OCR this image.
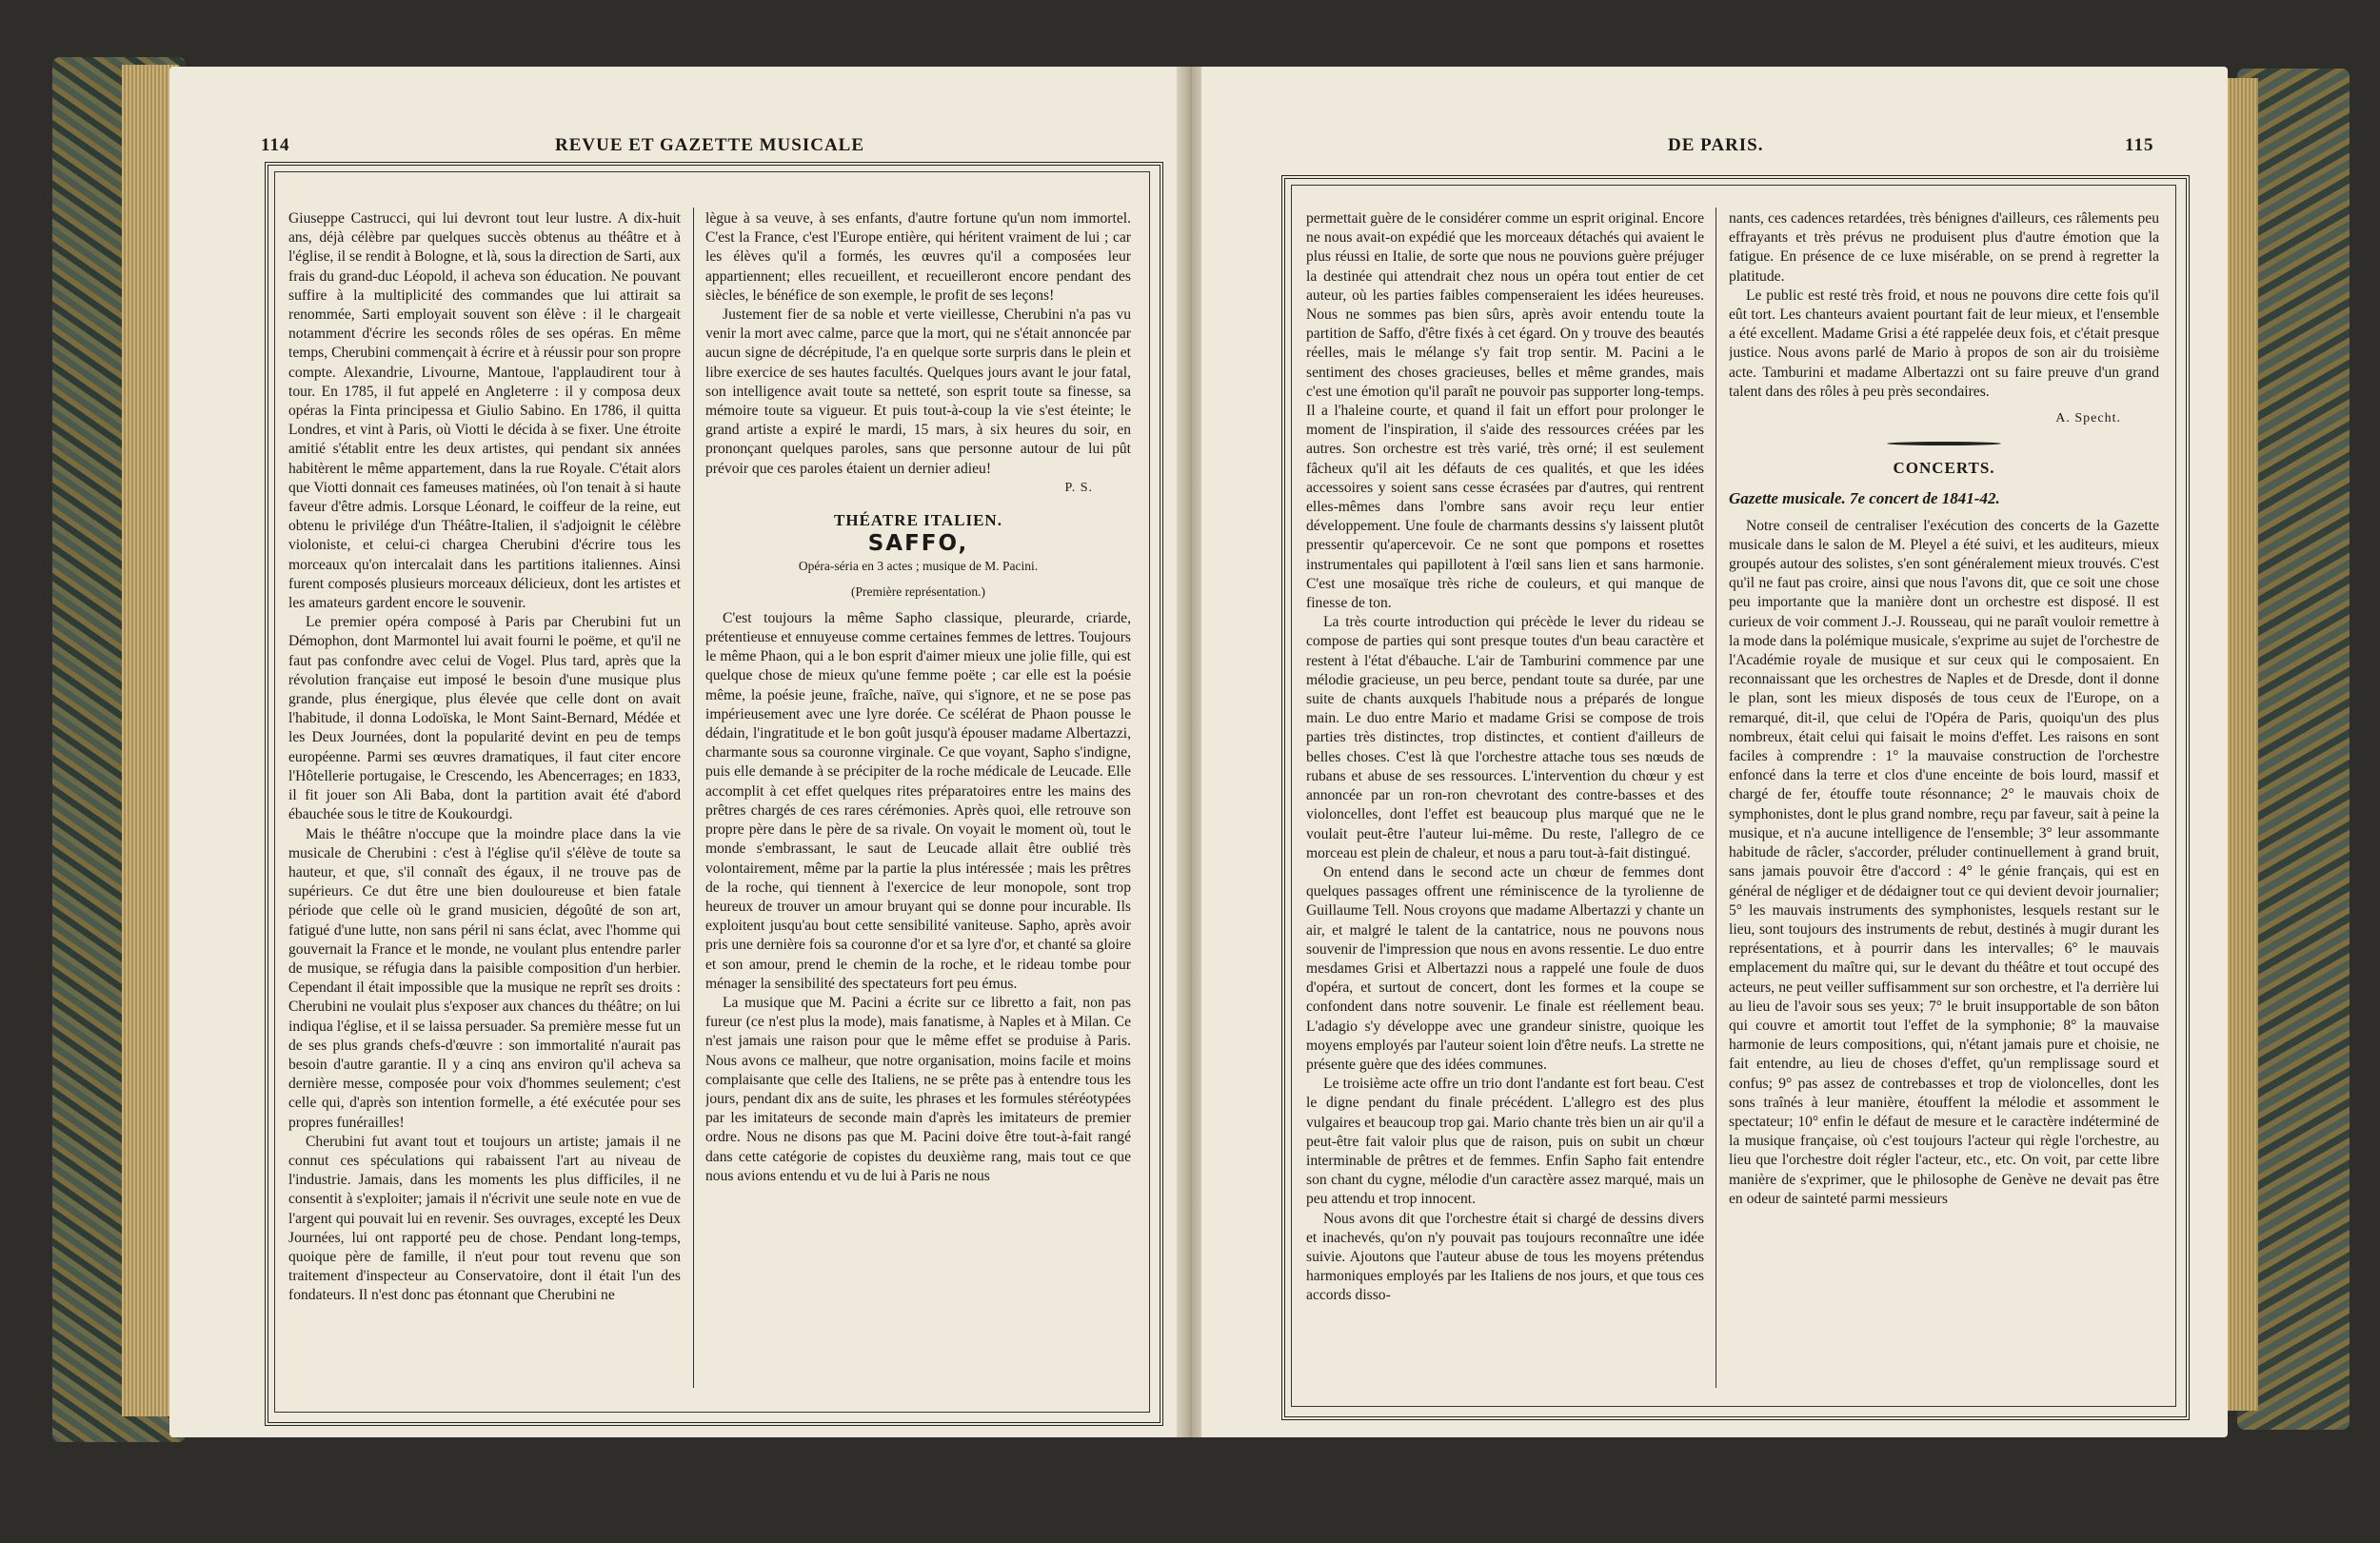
114	REVUE ET GAZETTE MUSICALE

Giuseppe Castrucci, qui lui devront tout leur lustre. A dix-huit ans, déjà célèbre par quelques succès obtenus au théâtre et à l'église, il se rendit à Bologne, et là, sous la direction de Sarti, aux frais du grand-duc Léopold, il acheva son éducation. Ne pouvant suffire à la multiplicité des commandes que lui attirait sa renommée, Sarti employait souvent son élève : il le chargeait notamment d'écrire les seconds rôles de ses opéras. En même temps, Cherubini commençait à écrire et à réussir pour son propre compte. Alexandrie, Livourne, Mantoue, l'applaudirent tour à tour. En 1785, il fut appelé en Angleterre : il y composa deux opéras la Finta principessa et Giulio Sabino. En 1786, il quitta Londres, et vint à Paris, où Viotti le décida à se fixer. Une étroite amitié s'établit entre les deux artistes, qui pendant six années habitèrent le même appartement, dans la rue Royale. C'était alors que Viotti donnait ces fameuses matinées, où l'on tenait à si haute faveur d'être admis. Lorsque Léonard, le coiffeur de la reine, eut obtenu le privilége d'un Théâtre-Italien, il s'adjoignit le célèbre violoniste, et celui-ci chargea Cherubini d'écrire tous les morceaux qu'on intercalait dans les partitions italiennes. Ainsi furent composés plusieurs morceaux délicieux, dont les artistes et les amateurs gardent encore le souvenir.

Le premier opéra composé à Paris par Cherubini fut un Démophon, dont Marmontel lui avait fourni le poëme, et qu'il ne faut pas confondre avec celui de Vogel. Plus tard, après que la révolution française eut imposé le besoin d'une musique plus grande, plus énergique, plus élevée que celle dont on avait l'habitude, il donna Lodoïska, le Mont Saint-Bernard, Médée et les Deux Journées, dont la popularité devint en peu de temps européenne. Parmi ses œuvres dramatiques, il faut citer encore l'Hôtellerie portugaise, le Crescendo, les Abencerrages; en 1833, il fit jouer son Ali Baba, dont la partition avait été d'abord ébauchée sous le titre de Koukourdgi.

Mais le théâtre n'occupe que la moindre place dans la vie musicale de Cherubini : c'est à l'église qu'il s'élève de toute sa hauteur, et que, s'il connaît des égaux, il ne trouve pas de supérieurs. Ce dut être une bien douloureuse et bien fatale période que celle où le grand musicien, dégoûté de son art, fatigué d'une lutte, non sans péril ni sans éclat, avec l'homme qui gouvernait la France et le monde, ne voulant plus entendre parler de musique, se réfugia dans la paisible composition d'un herbier. Cependant il était impossible que la musique ne reprît ses droits : Cherubini ne voulait plus s'exposer aux chances du théâtre; on lui indiqua l'église, et il se laissa persuader. Sa première messe fut un de ses plus grands chefs-d'œuvre : son immortalité n'aurait pas besoin d'autre garantie. Il y a cinq ans environ qu'il acheva sa dernière messe, composée pour voix d'hommes seulement; c'est celle qui, d'après son intention formelle, a été exécutée pour ses propres funérailles!

Cherubini fut avant tout et toujours un artiste; jamais il ne connut ces spéculations qui rabaissent l'art au niveau de l'industrie. Jamais, dans les moments les plus difficiles, il ne consentit à s'exploiter; jamais il n'écrivit une seule note en vue de l'argent qui pouvait lui en revenir. Ses ouvrages, excepté les Deux Journées, lui ont rapporté peu de chose. Pendant long-temps, quoique père de famille, il n'eut pour tout revenu que son traitement d'inspecteur au Conservatoire, dont il était l'un des fondateurs. Il n'est donc pas étonnant que Cherubini ne

lègue à sa veuve, à ses enfants, d'autre fortune qu'un nom immortel. C'est la France, c'est l'Europe entière, qui héritent vraiment de lui ; car les élèves qu'il a formés, les œuvres qu'il a composées leur appartiennent; elles recueillent, et recueilleront encore pendant des siècles, le bénéfice de son exemple, le profit de ses leçons!

Justement fier de sa noble et verte vieillesse, Cherubini n'a pas vu venir la mort avec calme, parce que la mort, qui ne s'était annoncée par aucun signe de décrépitude, l'a en quelque sorte surpris dans le plein et libre exercice de ses hautes facultés. Quelques jours avant le jour fatal, son intelligence avait toute sa netteté, son esprit toute sa finesse, sa mémoire toute sa vigueur. Et puis tout-à-coup la vie s'est éteinte; le grand artiste a expiré le mardi, 15 mars, à six heures du soir, en prononçant quelques paroles, sans que personne autour de lui pût prévoir que ces paroles étaient un dernier adieu!

P. S.

THÉATRE ITALIEN.

SAFFO,

Opéra-séria en 3 actes ; musique de M. Pacini.

(Première représentation.)

C'est toujours la même Sapho classique, pleurarde, criarde, prétentieuse et ennuyeuse comme certaines femmes de lettres. Toujours le même Phaon, qui a le bon esprit d'aimer mieux une jolie fille, qui est quelque chose de mieux qu'une femme poëte ; car elle est la poésie même, la poésie jeune, fraîche, naïve, qui s'ignore, et ne se pose pas impérieusement avec une lyre dorée. Ce scélérat de Phaon pousse le dédain, l'ingratitude et le bon goût jusqu'à épouser madame Albertazzi, charmante sous sa couronne virginale. Ce que voyant, Sapho s'indigne, puis elle demande à se précipiter de la roche médicale de Leucade. Elle accomplit à cet effet quelques rites préparatoires entre les mains des prêtres chargés de ces rares cérémonies. Après quoi, elle retrouve son propre père dans le père de sa rivale. On voyait le moment où, tout le monde s'embrassant, le saut de Leucade allait être oublié très volontairement, même par la partie la plus intéressée ; mais les prêtres de la roche, qui tiennent à l'exercice de leur monopole, sont trop heureux de trouver un amour bruyant qui se donne pour incurable. Ils exploitent jusqu'au bout cette sensibilité vaniteuse. Sapho, après avoir pris une dernière fois sa couronne d'or et sa lyre d'or, et chanté sa gloire et son amour, prend le chemin de la roche, et le rideau tombe pour ménager la sensibilité des spectateurs fort peu émus.

La musique que M. Pacini a écrite sur ce libretto a fait, non pas fureur (ce n'est plus la mode), mais fanatisme, à Naples et à Milan. Ce n'est jamais une raison pour que le même effet se produise à Paris. Nous avons ce malheur, que notre organisation, moins facile et moins complaisante que celle des Italiens, ne se prête pas à entendre tous les jours, pendant dix ans de suite, les phrases et les formules stéréotypées par les imitateurs de seconde main d'après les imitateurs de premier ordre. Nous ne disons pas que M. Pacini doive être tout-à-fait rangé dans cette catégorie de copistes du deuxième rang, mais tout ce que nous avions entendu et vu de lui à Paris ne nous

DE PARIS.	115

permettait guère de le considérer comme un esprit original. Encore ne nous avait-on expédié que les morceaux détachés qui avaient le plus réussi en Italie, de sorte que nous ne pouvions guère préjuger la destinée qui attendrait chez nous un opéra tout entier de cet auteur, où les parties faibles compenseraient les idées heureuses. Nous ne sommes pas bien sûrs, après avoir entendu toute la partition de Saffo, d'être fixés à cet égard. On y trouve des beautés réelles, mais le mélange s'y fait trop sentir. M. Pacini a le sentiment des choses gracieuses, belles et même grandes, mais c'est une émotion qu'il paraît ne pouvoir pas supporter long-temps. Il a l'haleine courte, et quand il fait un effort pour prolonger le moment de l'inspiration, il s'aide des ressources créées par les autres. Son orchestre est très varié, très orné; il est seulement fâcheux qu'il ait les défauts de ces qualités, et que les idées accessoires y soient sans cesse écrasées par d'autres, qui rentrent elles-mêmes dans l'ombre sans avoir reçu leur entier développement. Une foule de charmants dessins s'y laissent plutôt pressentir qu'apercevoir. Ce ne sont que pompons et rosettes instrumentales qui papillotent à l'œil sans lien et sans harmonie. C'est une mosaïque très riche de couleurs, et qui manque de finesse de ton.

La très courte introduction qui précède le lever du rideau se compose de parties qui sont presque toutes d'un beau caractère et restent à l'état d'ébauche. L'air de Tamburini commence par une mélodie gracieuse, un peu berce, pendant toute sa durée, par une suite de chants auxquels l'habitude nous a préparés de longue main. Le duo entre Mario et madame Grisi se compose de trois parties très distinctes, trop distinctes, et contient d'ailleurs de belles choses. C'est là que l'orchestre attache tous ses nœuds de rubans et abuse de ses ressources. L'intervention du chœur y est annoncée par un ron-ron chevrotant des contre-basses et des violoncelles, dont l'effet est beaucoup plus marqué que ne le voulait peut-être l'auteur lui-même. Du reste, l'allegro de ce morceau est plein de chaleur, et nous a paru tout-à-fait distingué.

On entend dans le second acte un chœur de femmes dont quelques passages offrent une réminiscence de la tyrolienne de Guillaume Tell. Nous croyons que madame Albertazzi y chante un air, et malgré le talent de la cantatrice, nous ne pouvons nous souvenir de l'impression que nous en avons ressentie. Le duo entre mesdames Grisi et Albertazzi nous a rappelé une foule de duos d'opéra, et surtout de concert, dont les formes et la coupe se confondent dans notre souvenir. Le finale est réellement beau. L'adagio s'y développe avec une grandeur sinistre, quoique les moyens employés par l'auteur soient loin d'être neufs. La strette ne présente guère que des idées communes.

Le troisième acte offre un trio dont l'andante est fort beau. C'est le digne pendant du finale précédent. L'allegro est des plus vulgaires et beaucoup trop gai. Mario chante très bien un air qu'il a peut-être fait valoir plus que de raison, puis on subit un chœur interminable de prêtres et de femmes. Enfin Sapho fait entendre son chant du cygne, mélodie d'un caractère assez marqué, mais un peu attendu et trop innocent.

Nous avons dit que l'orchestre était si chargé de dessins divers et inachevés, qu'on n'y pouvait pas toujours reconnaître une idée suivie. Ajoutons que l'auteur abuse de tous les moyens prétendus harmoniques employés par les Italiens de nos jours, et que tous ces accords disso-

nants, ces cadences retardées, très bénignes d'ailleurs, ces râlements peu effrayants et très prévus ne produisent plus d'autre émotion que la fatigue. En présence de ce luxe misérable, on se prend à regretter la platitude.

Le public est resté très froid, et nous ne pouvons dire cette fois qu'il eût tort. Les chanteurs avaient pourtant fait de leur mieux, et l'ensemble a été excellent. Madame Grisi a été rappelée deux fois, et c'était presque justice. Nous avons parlé de Mario à propos de son air du troisième acte. Tamburini et madame Albertazzi ont su faire preuve d'un grand talent dans des rôles à peu près secondaires.

A. Specht.

CONCERTS.

Gazette musicale. 7e concert de 1841-42.

Notre conseil de centraliser l'exécution des concerts de la Gazette musicale dans le salon de M. Pleyel a été suivi, et les auditeurs, mieux groupés autour des solistes, s'en sont généralement mieux trouvés. C'est qu'il ne faut pas croire, ainsi que nous l'avons dit, que ce soit une chose peu importante que la manière dont un orchestre est disposé. Il est curieux de voir comment J.-J. Rousseau, qui ne paraît vouloir remettre à la mode dans la polémique musicale, s'exprime au sujet de l'orchestre de l'Académie royale de musique et sur ceux qui le composaient. En reconnaissant que les orchestres de Naples et de Dresde, dont il donne le plan, sont les mieux disposés de tous ceux de l'Europe, on a remarqué, dit-il, que celui de l'Opéra de Paris, quoiqu'un des plus nombreux, était celui qui faisait le moins d'effet. Les raisons en sont faciles à comprendre : 1° la mauvaise construction de l'orchestre enfoncé dans la terre et clos d'une enceinte de bois lourd, massif et chargé de fer, étouffe toute résonnance; 2° le mauvais choix de symphonistes, dont le plus grand nombre, reçu par faveur, sait à peine la musique, et n'a aucune intelligence de l'ensemble; 3° leur assommante habitude de râcler, s'accorder, préluder continuellement à grand bruit, sans jamais pouvoir être d'accord : 4° le génie français, qui est en général de négliger et de dédaigner tout ce qui devient devoir journalier; 5° les mauvais instruments des symphonistes, lesquels restant sur le lieu, sont toujours des instruments de rebut, destinés à mugir durant les représentations, et à pourrir dans les intervalles; 6° le mauvais emplacement du maître qui, sur le devant du théâtre et tout occupé des acteurs, ne peut veiller suffisamment sur son orchestre, et l'a derrière lui au lieu de l'avoir sous ses yeux; 7° le bruit insupportable de son bâton qui couvre et amortit tout l'effet de la symphonie; 8° la mauvaise harmonie de leurs compositions, qui, n'étant jamais pure et choisie, ne fait entendre, au lieu de choses d'effet, qu'un remplissage sourd et confus; 9° pas assez de contrebasses et trop de violoncelles, dont les sons traînés à leur manière, étouffent la mélodie et assomment le spectateur; 10° enfin le défaut de mesure et le caractère indéterminé de la musique française, où c'est toujours l'acteur qui règle l'orchestre, au lieu que l'orchestre doit régler l'acteur, etc., etc. On voit, par cette libre manière de s'exprimer, que le philosophe de Genève ne devait pas être en odeur de sainteté parmi messieurs
